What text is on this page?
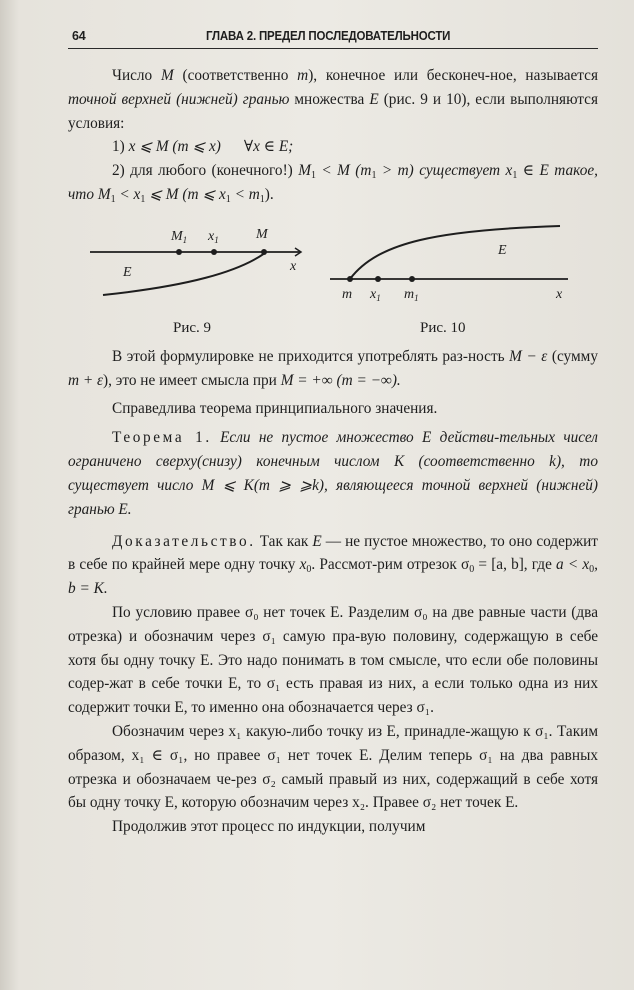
64	ГЛАВА 2. ПРЕДЕЛ ПОСЛЕДОВАТЕЛЬНОСТИ

Число M (соответственно m), конечное или бесконеч-ное, называется точной верхней (нижней) гранью множества E (рис. 9 и 10), если выполняются условия:

1) x ⩽ M (m ⩽ x) ∀x ∈ E;

2) для любого (конечного!) $M_1 < M$ $(m_1 > m)$ существует $x_1$ ∈ E такое, что $M_1 < x_1$ ⩽ M (m ⩽ $x_1 < m_1$).

$M_1$ $x_1$	M
x
E
m $x_1$ $m_1$	x
E
Рис. 9	Рис. 10

В этой формулировке не приходится употреблять раз-ность M − ε (сумму m + ε), это не имеет смысла при M = +∞ (m = −∞).

Справедлива теорема принципиального значения.

Теорема 1. Если не пустое множество E действи-тельных чисел ограничено сверху(снизу) конечным числом K (соответственно k), то существует число M ⩽ K(m ⩾ ⩾k), являющееся точной верхней (нижней) гранью E.

Доказательство. Так как E — не пустое множество, то оно содержит в себе по крайней мере одну точку $x_0$. Рассмот-рим отрезок $\sigma_0 = [a$, b], где $a < x_0$, b = K.

По условию правее σ₀ нет точек E. Разделим σ₀ на две равные части (два отрезка) и обозначим через σ₁ самую пра-вую половину, содержащую в себе хотя бы одну точку E. Это надо понимать в том смысле, что если обе половины содер-жат в себе точки E, то σ₁ есть правая из них, а если только одна из них содержит точки E, то именно она обозначается через σ₁.

Обозначим через x₁ какую-либо точку из E, принадле-жащую к σ₁. Таким образом, x₁ ∈ σ₁, но правее σ₁ нет точек E. Делим теперь σ₁ на два равных отрезка и обозначаем че-рез σ₂ самый правый из них, содержащий в себе хотя бы одну точку E, которую обозначим через x₂. Правее σ₂ нет точек E.

Продолжив этот процесс по индукции, получим
